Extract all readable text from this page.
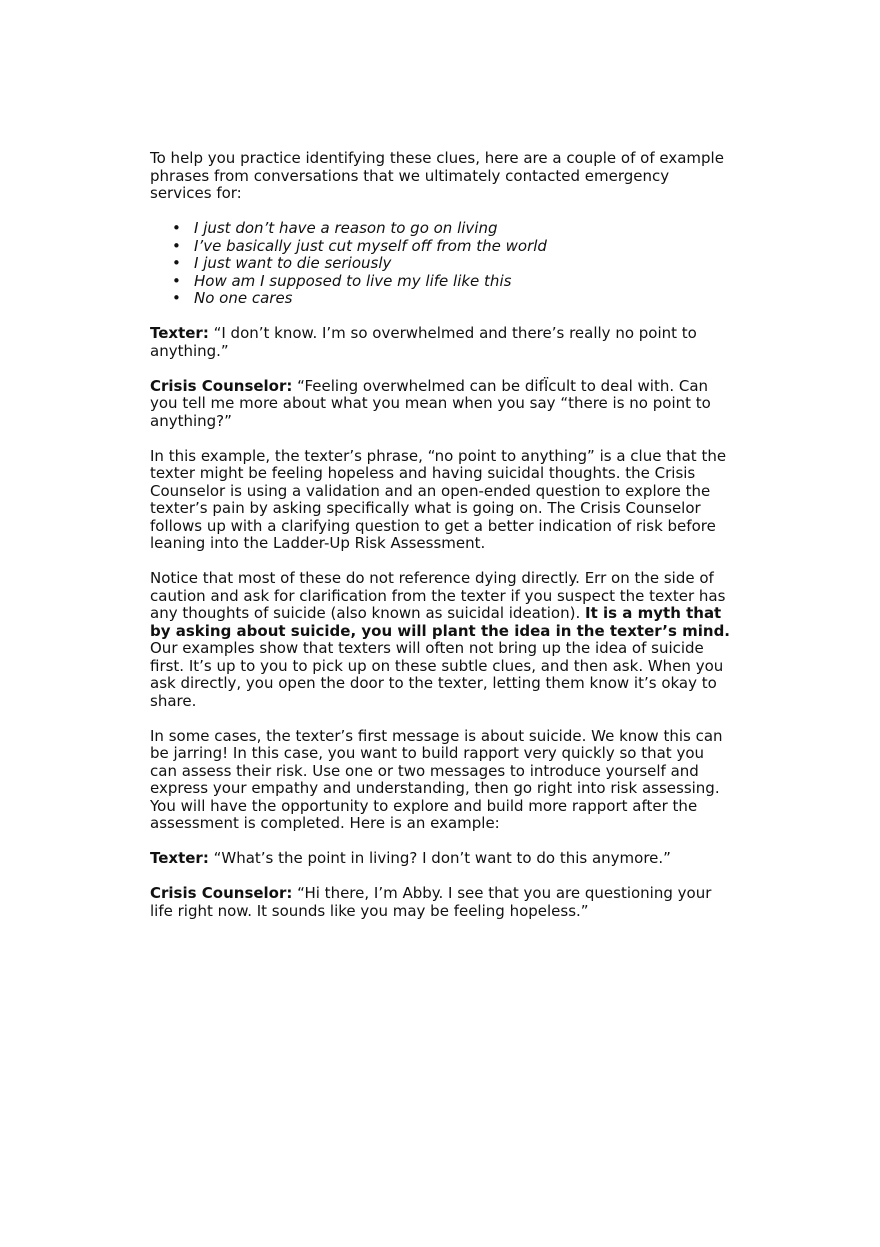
To help you practice identifying these clues, here are a couple of of example phrases from conversations that we ultimately contacted emergency services for:

• I just don’t have a reason to go on living
• I’ve basically just cut myself off from the world
• I just want to die seriously
• How am I supposed to live my life like this
• No one cares

Texter: “I don’t know. I’m so overwhelmed and there’s really no point to anything.”

Crisis Counselor: “Feeling overwhelmed can be difÏcult to deal with. Can you tell me more about what you mean when you say “there is no point to anything?”

In this example, the texter’s phrase, “no point to anything” is a clue that the texter might be feeling hopeless and having suicidal thoughts. the Crisis Counselor is using a validation and an open-ended question to explore the texter’s pain by asking specifically what is going on. The Crisis Counselor follows up with a clarifying question to get a better indication of risk before leaning into the Ladder-Up Risk Assessment.

Notice that most of these do not reference dying directly. Err on the side of caution and ask for clarification from the texter if you suspect the texter has any thoughts of suicide (also known as suicidal ideation). It is a myth that by asking about suicide, you will plant the idea in the texter’s mind. Our examples show that texters will often not bring up the idea of suicide first. It’s up to you to pick up on these subtle clues, and then ask. When you ask directly, you open the door to the texter, letting them know it’s okay to share.

In some cases, the texter’s first message is about suicide. We know this can be jarring! In this case, you want to build rapport very quickly so that you can assess their risk. Use one or two messages to introduce yourself and express your empathy and understanding, then go right into risk assessing. You will have the opportunity to explore and build more rapport after the assessment is completed. Here is an example:

Texter: “What’s the point in living? I don’t want to do this anymore.”

Crisis Counselor: “Hi there, I’m Abby. I see that you are questioning your life right now. It sounds like you may be feeling hopeless.”
